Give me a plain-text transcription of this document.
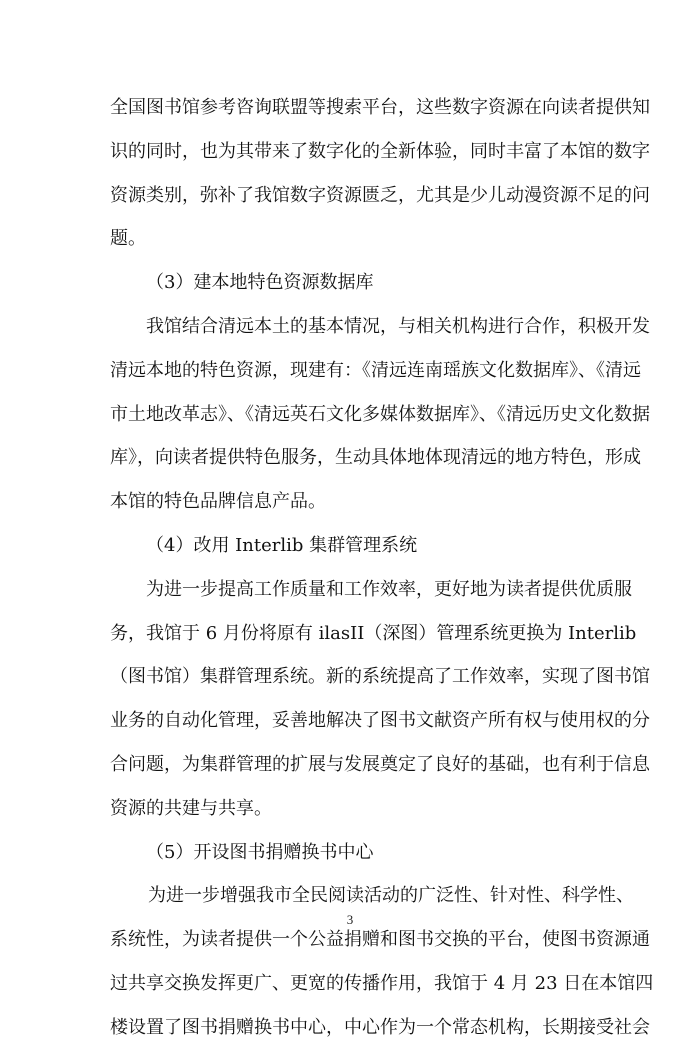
全国图书馆参考咨询联盟等搜索平台，这些数字资源在向读者提供知
识的同时，也为其带来了数字化的全新体验，同时丰富了本馆的数字
资源类别，弥补了我馆数字资源匮乏，尤其是少儿动漫资源不足的问
题。
（3）建本地特色资源数据库
我馆结合清远本土的基本情况，与相关机构进行合作，积极开发
清远本地的特色资源，现建有：《清远连南瑶族文化数据库》、《清远
市土地改革志》、《清远英石文化多媒体数据库》、《清远历史文化数据
库》，向读者提供特色服务，生动具体地体现清远的地方特色，形成
本馆的特色品牌信息产品。
（4）改用 Interlib 集群管理系统
为进一步提高工作质量和工作效率，更好地为读者提供优质服
务，我馆于 6 月份将原有 ilasII（深图）管理系统更换为 Interlib
（图书馆）集群管理系统。新的系统提高了工作效率，实现了图书馆
业务的自动化管理，妥善地解决了图书文献资产所有权与使用权的分
合问题，为集群管理的扩展与发展奠定了良好的基础，也有利于信息
资源的共建与共享。
（5）开设图书捐赠换书中心
为进一步增强我市全民阅读活动的广泛性、针对性、科学性、
系统性，为读者提供一个公益捐赠和图书交换的平台，使图书资源通
过共享交换发挥更广、更宽的传播作用，我馆于 4 月 23 日在本馆四
楼设置了图书捐赠换书中心，中心作为一个常态机构，长期接受社会
3
